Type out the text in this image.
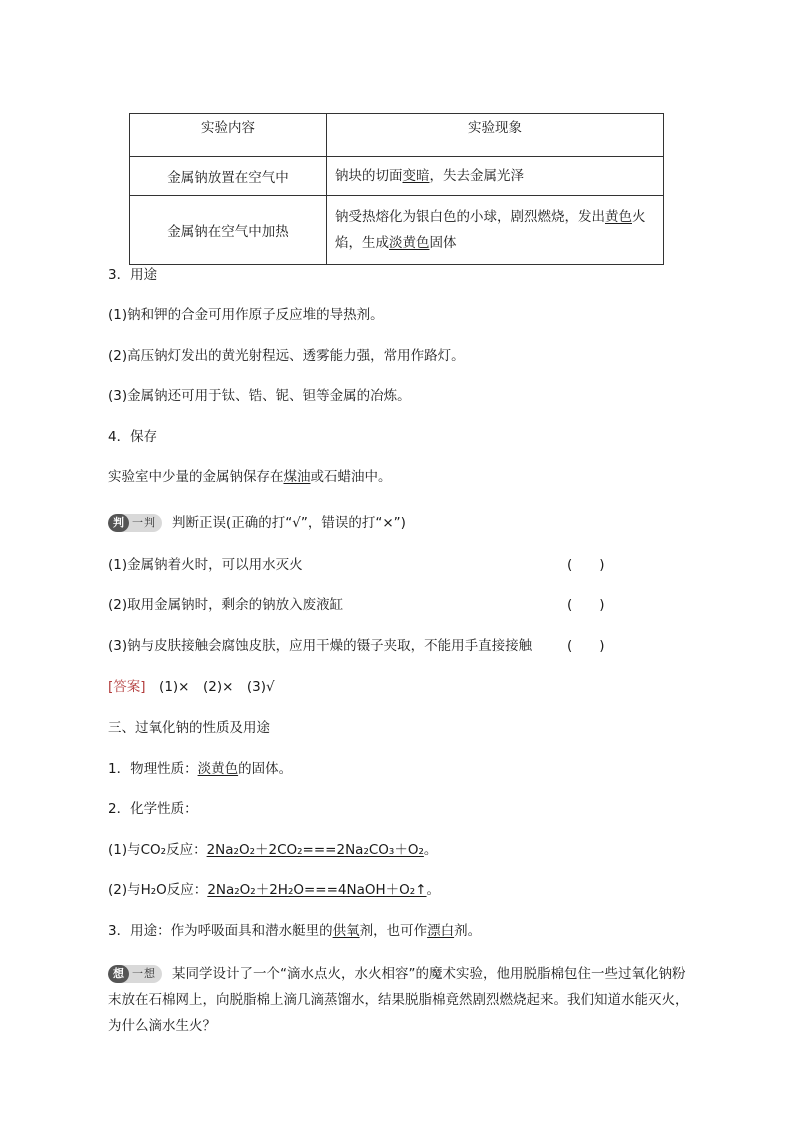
实验内容	实验现象
金属钠放置在空气中	钠块的切面变暗，失去金属光泽
金属钠在空气中加热	钠受热熔化为银白色的小球，剧烈燃烧，发出黄色火
焰，生成淡黄色固体
3．用途
(1)钠和钾的合金可用作原子反应堆的导热剂。
(2)高压钠灯发出的黄光射程远、透雾能力强，常用作路灯。
(3)金属钠还可用于钛、锆、铌、钽等金属的冶炼。
4．保存
实验室中少量的金属钠保存在煤油或石蜡油中。
判 一判	判断正误(正确的打“√”，错误的打“×”)
(1)金属钠着火时，可以用水灭火	(　　)
(2)取用金属钠时，剩余的钠放入废液缸	(　　)
(3)钠与皮肤接触会腐蚀皮肤，应用干燥的镊子夹取，不能用手直接接触	(　　)
[答案]　 (1)×　(2)×　(3)√
三、过氧化钠的性质及用途
1．物理性质：淡黄色的固体。
2．化学性质：
(1)与CO₂反应：2Na₂O₂＋2CO₂===2Na₂CO₃＋O₂。
(2)与H₂O反应：2Na₂O₂＋2H₂O===4NaOH＋O₂↑。
3．用途：作为呼吸面具和潜水艇里的供氧剂，也可作漂白剂。
想 一想	某同学设计了一个“滴水点火，水火相容”的魔术实验，他用脱脂棉包住一些过氧化钠粉末放在石棉网上，向脱脂棉上滴几滴蒸馏水，结果脱脂棉竟然剧烈燃烧起来。我们知道水能灭火，为什么滴水生火？
